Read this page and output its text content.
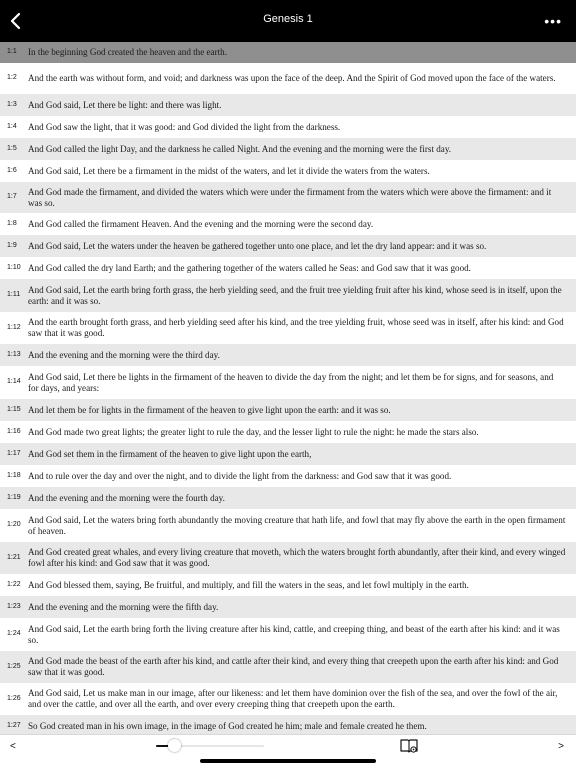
Genesis 1	•••
1:1	In the beginning God created the heaven and the earth.
1:2	And the earth was without form, and void; and darkness was upon the face of the deep. And the Spirit of God moved upon the face of the waters.
1:3	And God said, Let there be light: and there was light.
1:4	And God saw the light, that it was good: and God divided the light from the darkness.
1:5	And God called the light Day, and the darkness he called Night. And the evening and the morning were the first day.
1:6	And God said, Let there be a firmament in the midst of the waters, and let it divide the waters from the waters.
1:7	And God made the firmament, and divided the waters which were under the firmament from the waters which were above the firmament: and it was so.
1:8	And God called the firmament Heaven. And the evening and the morning were the second day.
1:9	And God said, Let the waters under the heaven be gathered together unto one place, and let the dry land appear: and it was so.
1:10 And God called the dry land Earth; and the gathering together of the waters called he Seas: and God saw that it was good.
1:11 And God said, Let the earth bring forth grass, the herb yielding seed, and the fruit tree yielding fruit after his kind, whose seed is in itself, upon the earth: and it was so.
1:12 And the earth brought forth grass, and herb yielding seed after his kind, and the tree yielding fruit, whose seed was in itself, after his kind: and God saw that it was good.
1:13 And the evening and the morning were the third day.
1:14 And God said, Let there be lights in the firmament of the heaven to divide the day from the night; and let them be for signs, and for seasons, and for days, and years:
1:15 And let them be for lights in the firmament of the heaven to give light upon the earth: and it was so.
1:16 And God made two great lights; the greater light to rule the day, and the lesser light to rule the night: he made the stars also.
1:17 And God set them in the firmament of the heaven to give light upon the earth,
1:18 And to rule over the day and over the night, and to divide the light from the darkness: and God saw that it was good.
1:19 And the evening and the morning were the fourth day.
1:20 And God said, Let the waters bring forth abundantly the moving creature that hath life, and fowl that may fly above the earth in the open firmament of heaven.
1:21 And God created great whales, and every living creature that moveth, which the waters brought forth abundantly, after their kind, and every winged fowl after his kind: and God saw that it was good.
1:22 And God blessed them, saying, Be fruitful, and multiply, and fill the waters in the seas, and let fowl multiply in the earth.
1:23 And the evening and the morning were the fifth day.
1:24 And God said, Let the earth bring forth the living creature after his kind, cattle, and creeping thing, and beast of the earth after his kind: and it was so.
1:25 And God made the beast of the earth after his kind, and cattle after their kind, and every thing that creepeth upon the earth after his kind: and God saw that it was good.
1:26 And God said, Let us make man in our image, after our likeness: and let them have dominion over the fish of the sea, and over the fowl of the air, and over the cattle, and over all the earth, and over every creeping thing that creepeth upon the earth.
1:27 So God created man in his own image, in the image of God created he him; male and female created he them.
<	>
